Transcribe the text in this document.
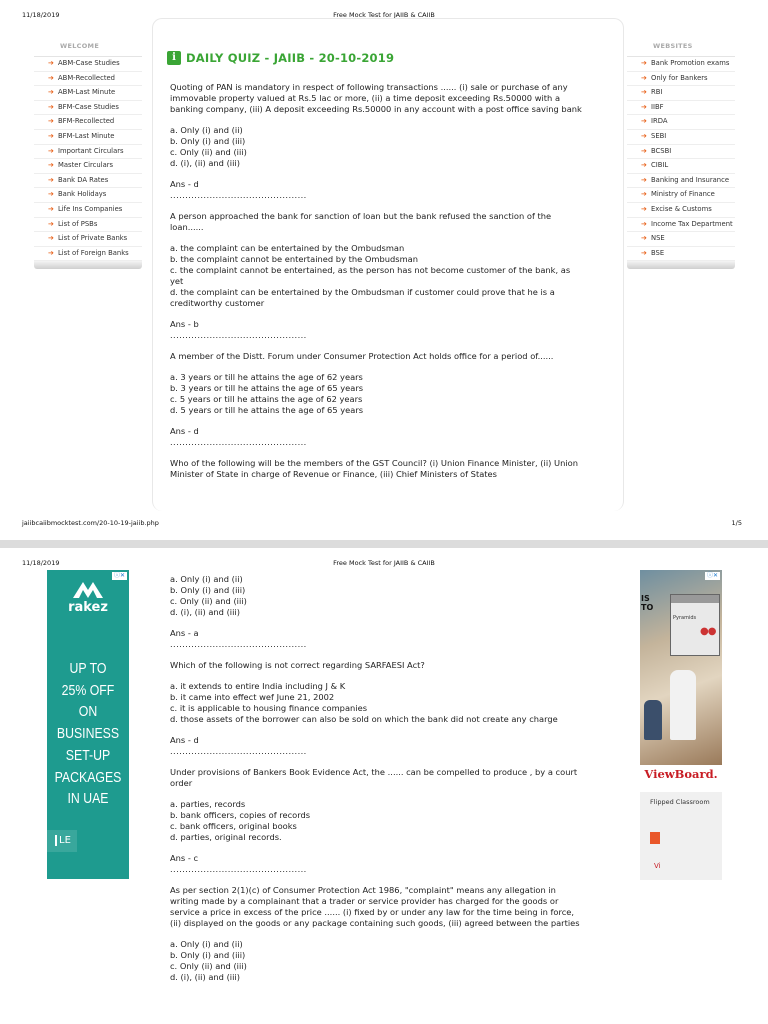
11/18/2019	Free Mock Test for JAIIB & CAIIB
WELCOME
➔ ABM-Case Studies
➔ ABM-Recollected
➔ ABM-Last Minute
➔ BFM-Case Studies
➔ BFM-Recollected
➔ BFM-Last Minute
➔ Important Circulars
➔ Master Circulars
➔ Bank DA Rates
➔ Bank Holidays
➔ Life Ins Companies
➔ List of PSBs
➔ List of Private Banks
➔ List of Foreign Banks
i DAILY QUIZ - JAIIB - 20-10-2019
Quoting of PAN is mandatory in respect of following transactions ...... (i) sale or purchase of any immovable property valued at Rs.5 lac or more, (ii) a time deposit exceeding Rs.50000 with a banking company, (iii) A deposit exceeding Rs.50000 in any account with a post office saving bank
a. Only (i) and (ii)
b. Only (i) and (iii)
c. Only (ii) and (iii)
d. (i), (ii) and (iii)
Ans - d
.............................................
A person approached the bank for sanction of loan but the bank refused the sanction of the loan......
a. the complaint can be entertained by the Ombudsman
b. the complaint cannot be entertained by the Ombudsman
c. the complaint cannot be entertained, as the person has not become customer of the bank, as yet
d. the complaint can be entertained by the Ombudsman if customer could prove that he is a creditworthy customer
Ans - b
.............................................
A member of the Distt. Forum under Consumer Protection Act holds office for a period of......
a. 3 years or till he attains the age of 62 years
b. 3 years or till he attains the age of 65 years
c. 5 years or till he attains the age of 62 years
d. 5 years or till he attains the age of 65 years
Ans - d
.............................................
Who of the following will be the members of the GST Council? (i) Union Finance Minister, (ii) Union Minister of State in charge of Revenue or Finance, (iii) Chief Ministers of States
WEBSITES
➔ Bank Promotion exams
➔ Only for Bankers
➔ RBI
➔ IIBF
➔ IRDA
➔ SEBI
➔ BCSBI
➔ CIBIL
➔ Banking and Insurance
➔ Ministry of Finance
➔ Excise & Customs
➔ Income Tax Department
➔ NSE
➔ BSE
jaiibcaiibmocktest.com/20-10-19-jaiib.php	1/5
11/18/2019	Free Mock Test for JAIIB & CAIIB
ⓘ✕
rakez
UP TO
25% OFF
ON
BUSINESS
SET-UP
PACKAGES
IN UAE
LE
a. Only (i) and (ii)
b. Only (i) and (iii)
c. Only (ii) and (iii)
d. (i), (ii) and (iii)
Ans - a
.............................................
Which of the following is not correct regarding SARFAESI Act?
a. it extends to entire India including J & K
b. it came into effect wef June 21, 2002
c. it is applicable to housing finance companies
d. those assets of the borrower can also be sold on which the bank did not create any charge
Ans - d
.............................................
Under provisions of Bankers Book Evidence Act, the ...... can be compelled to produce , by a court order
a. parties, records
b. bank officers, copies of records
c. bank officers, original books
d. parties, original records.
Ans - c
.............................................
As per section 2(1)(c) of Consumer Protection Act 1986, "complaint" means any allegation in writing made by a complainant that a trader or service provider has charged for the goods or service a price in excess of the price ...... (i) fixed by or under any law for the time being in force, (ii) displayed on the goods or any package containing such goods, (iii) agreed between the parties
a. Only (i) and (ii)
b. Only (i) and (iii)
c. Only (ii) and (iii)
d. (i), (ii) and (iii)
IS
TO
Pyramids
●●
ⓘ✕
ViewBoard.
Flipped Classroom
Vi
